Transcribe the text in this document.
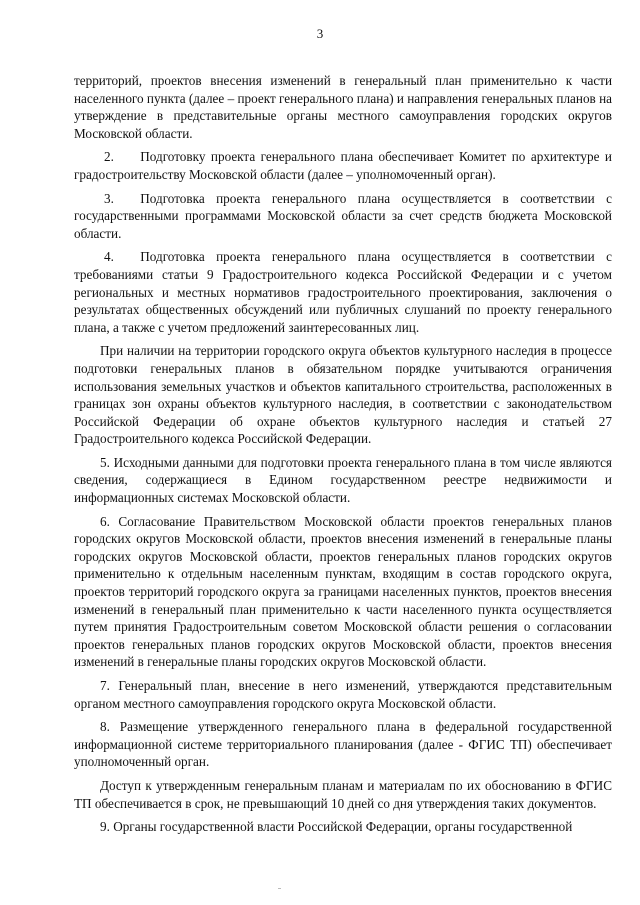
3

территорий, проектов внесения изменений в генеральный план применительно к части населенного пункта (далее – проект генерального плана) и направления генеральных планов на утверждение в представительные органы местного самоуправления городских округов Московской области.

2.  Подготовку проекта генерального плана обеспечивает Комитет по архитектуре и градостроительству Московской области (далее – уполномоченный орган).

3.  Подготовка проекта генерального плана осуществляется в соответствии с государственными программами Московской области за счет средств бюджета Московской области.

4.  Подготовка проекта генерального плана осуществляется в соответствии с требованиями статьи 9 Градостроительного кодекса Российской Федерации и с учетом региональных и местных нормативов градостроительного проектирования, заключения о результатах общественных обсуждений или публичных слушаний по проекту генерального плана, а также с учетом предложений заинтересованных лиц.

При наличии на территории городского округа объектов культурного наследия в процессе подготовки генеральных планов в обязательном порядке учитываются ограничения использования земельных участков и объектов капитального строительства, расположенных в границах зон охраны объектов культурного наследия, в соответствии с законодательством Российской Федерации об охране объектов культурного наследия и статьей 27 Градостроительного кодекса Российской Федерации.

5. Исходными данными для подготовки проекта генерального плана в том числе являются сведения, содержащиеся в Едином государственном реестре недвижимости и информационных системах Московской области.

6. Согласование Правительством Московской области проектов генеральных планов городских округов Московской области, проектов внесения изменений в генеральные планы городских округов Московской области, проектов генеральных планов городских округов применительно к отдельным населенным пунктам, входящим в состав городского округа, проектов территорий городского округа за границами населенных пунктов, проектов внесения изменений в генеральный план применительно к части населенного пункта осуществляется путем принятия Градостроительным советом Московской области решения о согласовании проектов генеральных планов городских округов Московской области, проектов внесения изменений в генеральные планы городских округов Московской области.

7. Генеральный план, внесение в него изменений, утверждаются представительным органом местного самоуправления городского округа Московской области.

8. Размещение утвержденного генерального плана в федеральной государственной информационной системе территориального планирования (далее - ФГИС ТП) обеспечивает уполномоченный орган.

Доступ к утвержденным генеральным планам и материалам по их обоснованию в ФГИС ТП обеспечивается в срок, не превышающий 10 дней со дня утверждения таких документов.

9. Органы государственной власти Российской Федерации, органы государственной
